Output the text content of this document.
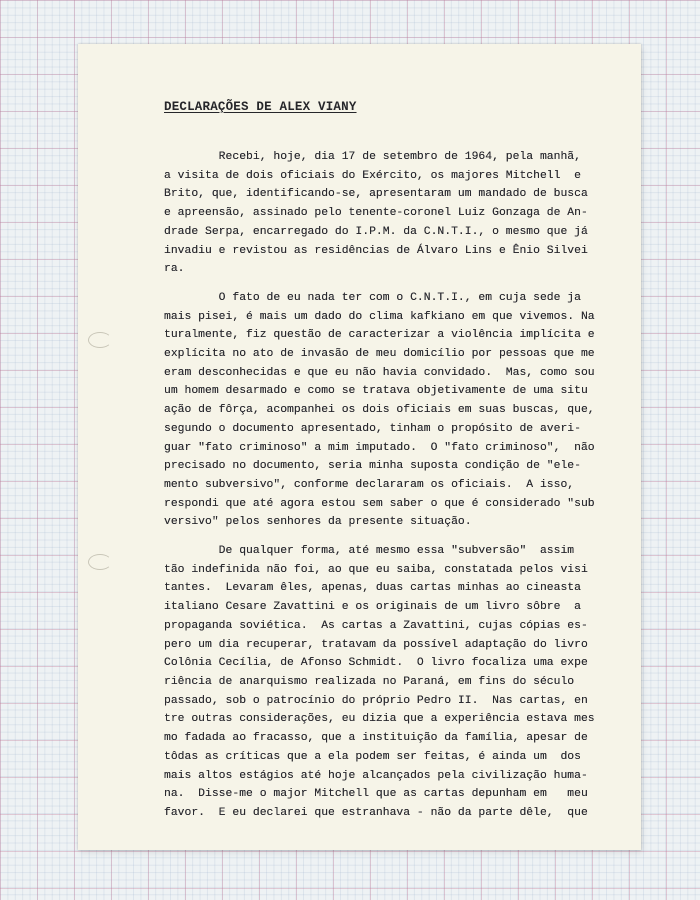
DECLARAÇÕES DE ALEX VIANY
Recebi, hoje, dia 17 de setembro de 1964, pela manhã,
a visita de dois oficiais do Exército, os majores Mitchell  e
Brito, que, identificando-se, apresentaram um mandado de busca
e apreensão, assinado pelo tenente-coronel Luiz Gonzaga de An-
drade Serpa, encarregado do I.P.M. da C.N.T.I., o mesmo que já
invadiu e revistou as residências de Álvaro Lins e Ênio Silvei
ra.
O fato de eu nada ter com o C.N.T.I., em cuja sede ja
mais pisei, é mais um dado do clima kafkiano em que vivemos. Na
turalmente, fiz questão de caracterizar a violência implícita e
explícita no ato de invasão de meu domicílio por pessoas que me
eram desconhecidas e que eu não havia convidado.  Mas, como sou
um homem desarmado e como se tratava objetivamente de uma situ
ação de fôrça, acompanhei os dois oficiais em suas buscas, que,
segundo o documento apresentado, tinham o propósito de averi-
guar "fato criminoso" a mim imputado.  O "fato criminoso",  não
precisado no documento, seria minha suposta condição de "ele-
mento subversivo", conforme declararam os oficiais.  A isso,
respondi que até agora estou sem saber o que é considerado "sub
versivo" pelos senhores da presente situação.
De qualquer forma, até mesmo essa "subversão"  assim
tão indefinida não foi, ao que eu saiba, constatada pelos visi
tantes.  Levaram êles, apenas, duas cartas minhas ao cineasta
italiano Cesare Zavattini e os originais de um livro sôbre  a
propaganda soviética.  As cartas a Zavattini, cujas cópias es-
pero um dia recuperar, tratavam da possível adaptação do livro
Colônia Cecília, de Afonso Schmidt.  O livro focaliza uma expe
riência de anarquismo realizada no Paraná, em fins do século
passado, sob o patrocínio do próprio Pedro II.  Nas cartas, en
tre outras considerações, eu dizia que a experiência estava mes
mo fadada ao fracasso, que a instituição da família, apesar de
tôdas as críticas que a ela podem ser feitas, é ainda um  dos
mais altos estágios até hoje alcançados pela civilização huma-
na.  Disse-me o major Mitchell que as cartas depunham em   meu
favor.  E eu declarei que estranhava - não da parte dêle,  que
